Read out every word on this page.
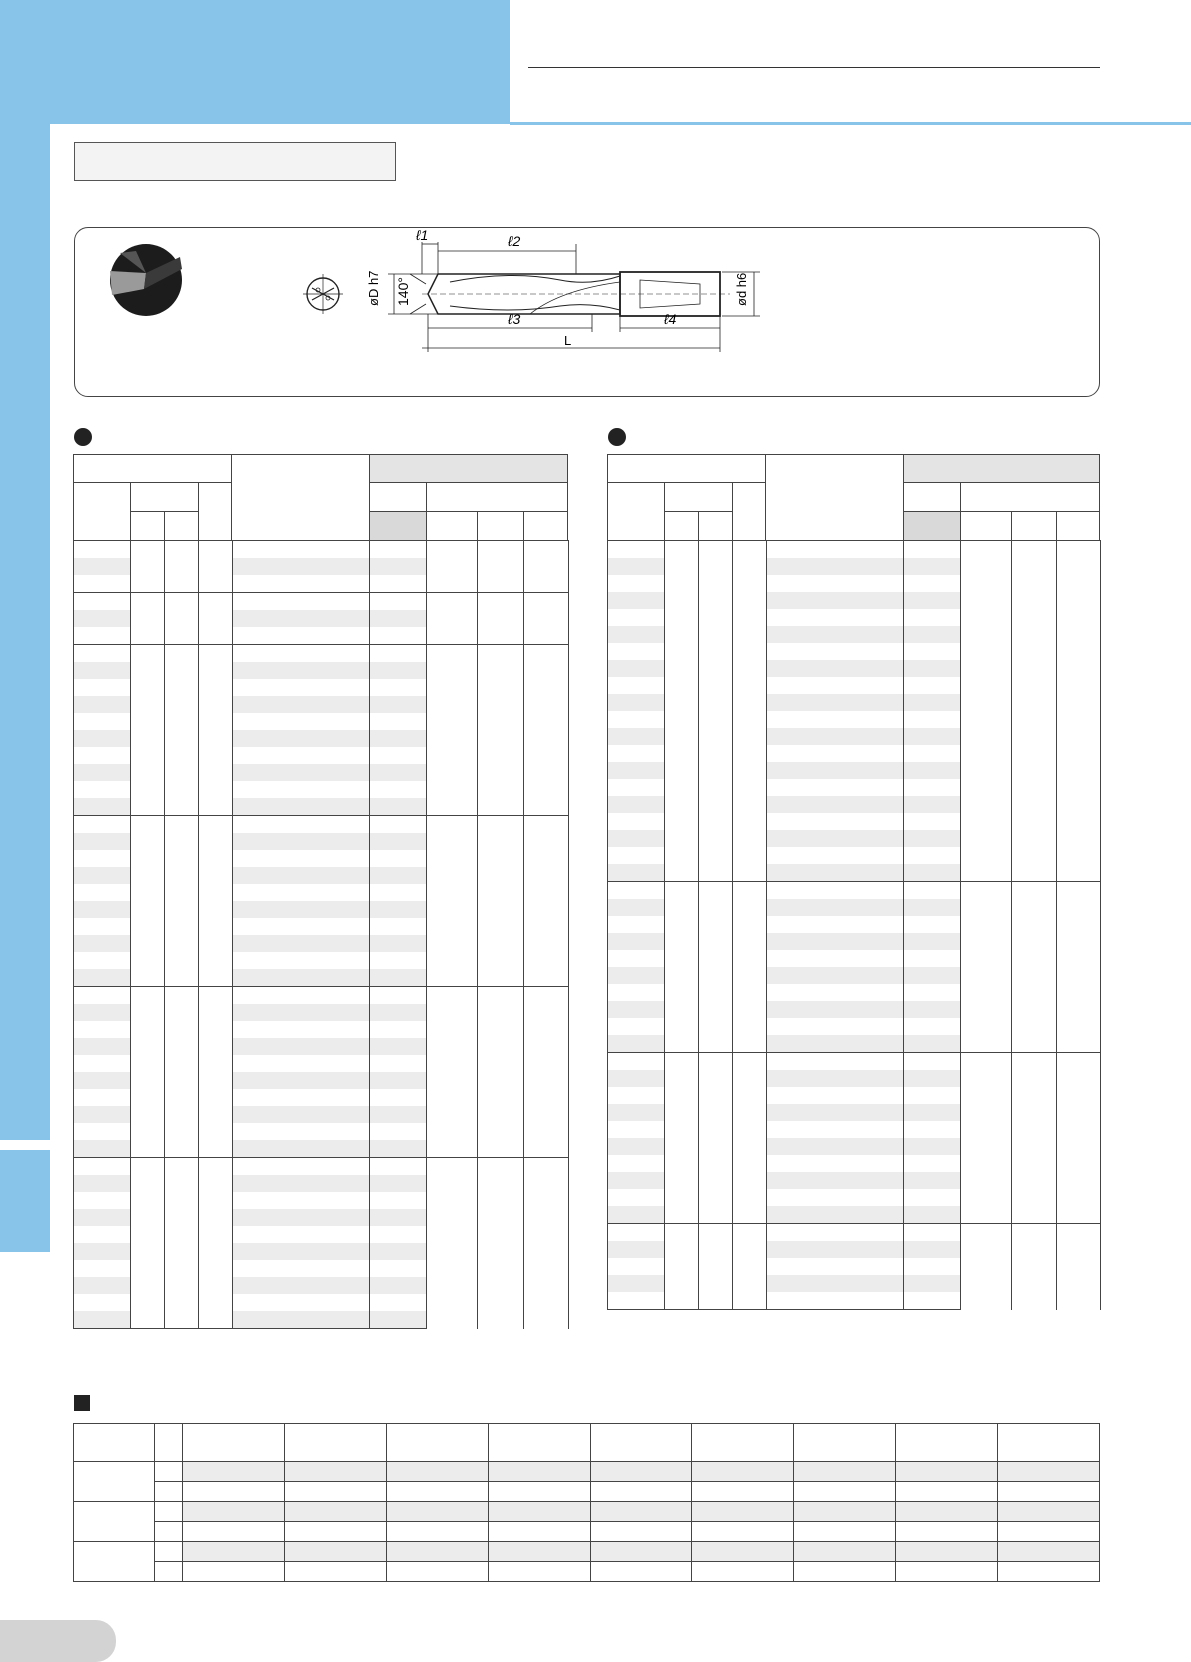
ℓ1	ℓ2
ℓ3	ℓ4
L
øD h7 140°	ød h6
